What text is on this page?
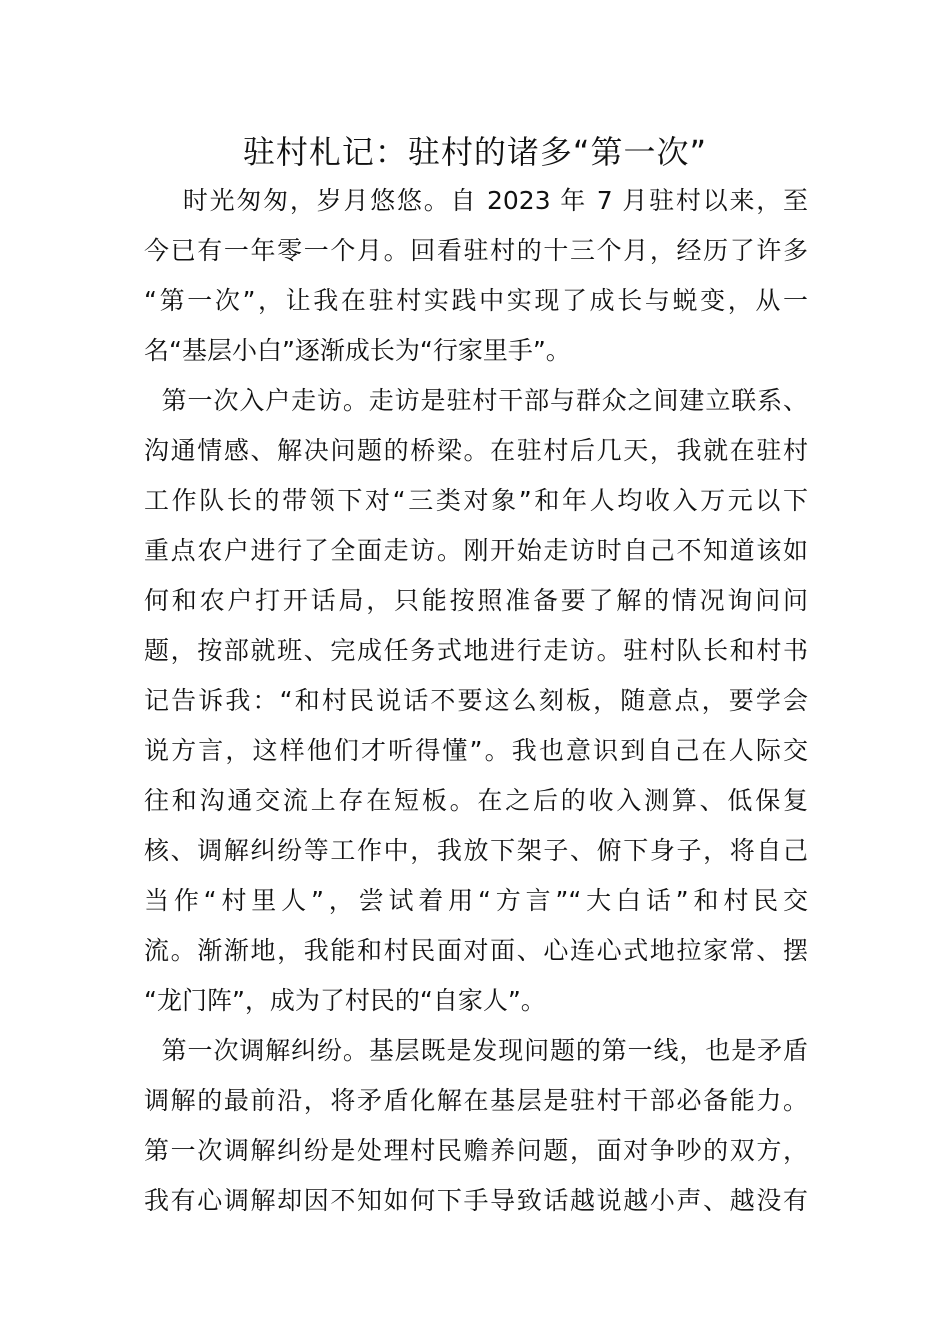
驻村札记：驻村的诸多“第一次”
时光匆匆，岁月悠悠。自 2023 年 7 月驻村以来，至
今已有一年零一个月。回看驻村的十三个月，经历了许多
“第一次”，让我在驻村实践中实现了成长与蜕变，从一
名“基层小白”逐渐成长为“行家里手”。
第一次入户走访。走访是驻村干部与群众之间建立联系、
沟通情感、解决问题的桥梁。在驻村后几天，我就在驻村
工作队长的带领下对“三类对象”和年人均收入万元以下
重点农户进行了全面走访。刚开始走访时自己不知道该如
何和农户打开话局，只能按照准备要了解的情况询问问
题，按部就班、完成任务式地进行走访。驻村队长和村书
记告诉我：“和村民说话不要这么刻板，随意点，要学会
说方言，这样他们才听得懂”。我也意识到自己在人际交
往和沟通交流上存在短板。在之后的收入测算、低保复
核、调解纠纷等工作中，我放下架子、俯下身子，将自己
当作“村里人”，尝试着用“方言”“大白话”和村民交
流。渐渐地，我能和村民面对面、心连心式地拉家常、摆
“龙门阵”，成为了村民的“自家人”。
第一次调解纠纷。基层既是发现问题的第一线，也是矛盾
调解的最前沿，将矛盾化解在基层是驻村干部必备能力。
第一次调解纠纷是处理村民赡养问题，面对争吵的双方，
我有心调解却因不知如何下手导致话越说越小声、越没有
